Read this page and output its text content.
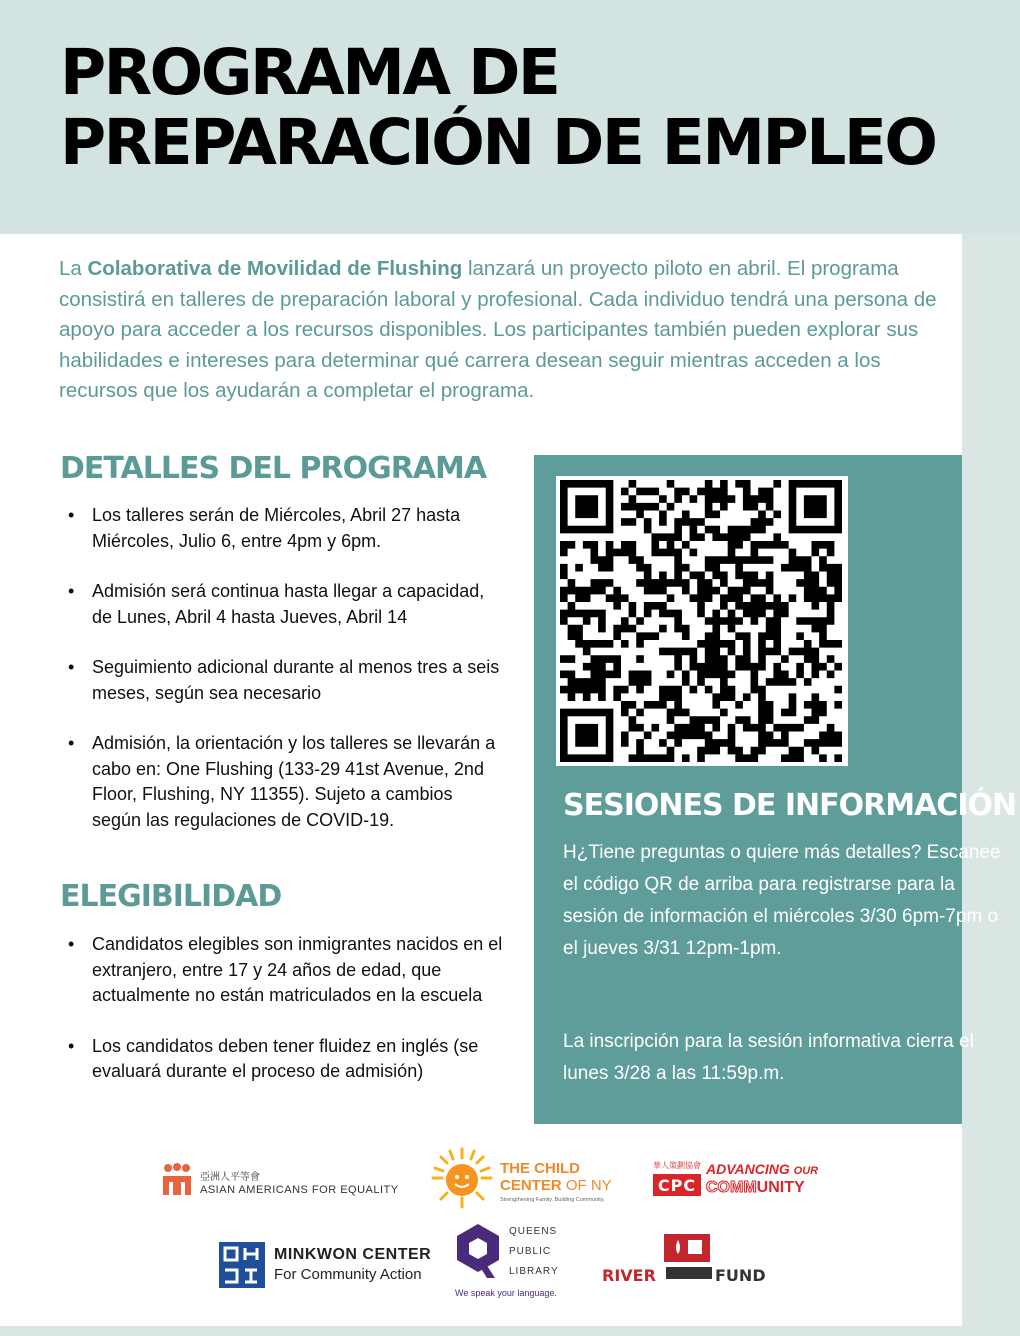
PROGRAMA DE
PREPARACIÓN DE EMPLEO

La Colaborativa de Movilidad de Flushing lanzará un proyecto piloto en abril. El programa consistirá en talleres de preparación laboral y profesional. Cada individuo tendrá una persona de apoyo para acceder a los recursos disponibles. Los participantes también pueden explorar sus habilidades e intereses para determinar qué carrera desean seguir mientras acceden a los recursos que los ayudarán a completar el programa.

DETALLES DEL PROGRAMA
• Los talleres serán de Miércoles, Abril 27 hasta Miércoles, Julio 6, entre 4pm y 6pm.
• Admisión será continua hasta llegar a capacidad, de Lunes, Abril 4 hasta Jueves, Abril 14
• Seguimiento adicional durante al menos tres a seis meses, según sea necesario
• Admisión, la orientación y los talleres se llevarán a cabo en: One Flushing (133-29 41st Avenue, 2nd Floor, Flushing, NY 11355). Sujeto a cambios según las regulaciones de COVID-19.
ELEGIBILIDAD
• Candidatos elegibles son inmigrantes nacidos en el extranjero, entre 17 y 24 años de edad, que actualmente no están matriculados en la escuela
• Los candidatos deben tener fluidez en inglés (se evaluará durante el proceso de admisión)
SESIONES DE INFORMACIÓN

H¿Tiene preguntas o quiere más detalles? Escanee el código QR de arriba para registrarse para la sesión de información el miércoles 3/30 6pm-7pm o el jueves 3/31 12pm-1pm.

La inscripción para la sesión informativa cierra el lunes 3/28 a las 11:59p.m.

亞洲人平等會
ASIAN AMERICANS FOR EQUALITY
THE CHILD
CENTER OF NY
Strengthening Family. Building Community.
華人策劃協會
CPC
ADVANCING OUR
COMMUNITY
MINKWON CENTER
For Community Action
QUEENS
PUBLIC
LIBRARY
We speak your language.
RIVER	FUND
